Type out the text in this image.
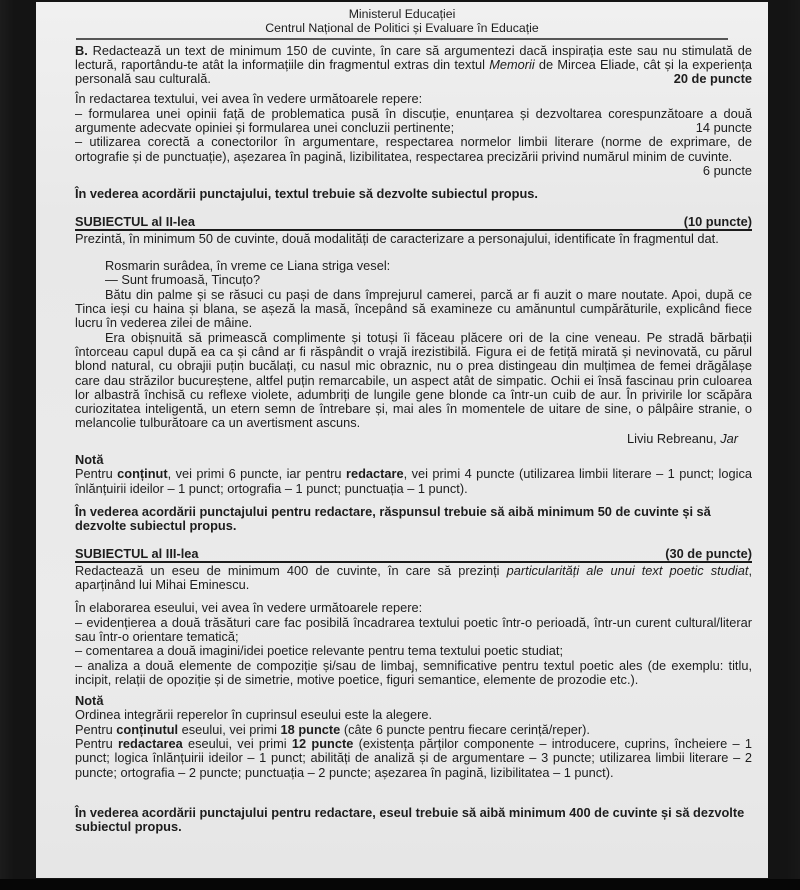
Ministerul Educației
Centrul Național de Politici și Evaluare în Educație

B. Redactează un text de minimum 150 de cuvinte, în care să argumentezi dacă inspirația este sau nu stimulată de lectură, raportându-te atât la informațiile din fragmentul extras din textul Memorii de Mircea Eliade, cât și la experiența personală sau culturală.	20 de puncte

În redactarea textului, vei avea în vedere următoarele repere:

– formularea unei opinii față de problematica pusă în discuție, enunțarea și dezvoltarea corespunzătoare a două argumente adecvate opiniei și formularea unei concluzii pertinente;	14 puncte

– utilizarea corectă a conectorilor în argumentare, respectarea normelor limbii literare (norme de exprimare, de ortografie și de punctuație), așezarea în pagină, lizibilitatea, respectarea precizării privind numărul minim de cuvinte.

6 puncte

În vederea acordării punctajului, textul trebuie să dezvolte subiectul propus.

SUBIECTUL al II-lea	(10 puncte)

Prezintă, în minimum 50 de cuvinte, două modalități de caracterizare a personajului, identificate în fragmentul dat.

Rosmarin surâdea, în vreme ce Liana striga vesel:

— Sunt frumoasă, Tincuțo?

Bătu din palme și se răsuci cu pași de dans împrejurul camerei, parcă ar fi auzit o mare noutate. Apoi, după ce Tinca ieși cu haina și blana, se așeză la masă, începând să examineze cu amănuntul cumpărăturile, explicând fiece lucru în vederea zilei de mâine.

Era obișnuită să primească complimente și totuși îi făceau plăcere ori de la cine veneau. Pe stradă bărbații întorceau capul după ea ca și când ar fi răspândit o vrajă irezistibilă. Figura ei de fetiță mirată și nevinovată, cu părul blond natural, cu obrajii puțin bucălați, cu nasul mic obraznic, nu o prea distingeau din mulțimea de femei drăgălașe care dau străzilor bucureștene, altfel puțin remarcabile, un aspect atât de simpatic. Ochii ei însă fascinau prin culoarea lor albastră închisă cu reflexe violete, adumbriți de lungile gene blonde ca într-un cuib de aur. În privirile lor scăpăra curiozitatea inteligentă, un etern semn de întrebare și, mai ales în momentele de uitare de sine, o pâlpâire stranie, o melancolie tulburătoare ca un avertisment ascuns.

Liviu Rebreanu, Jar

Notă

Pentru conținut, vei primi 6 puncte, iar pentru redactare, vei primi 4 puncte (utilizarea limbii literare – 1 punct; logica înlănțuirii ideilor – 1 punct; ortografia – 1 punct; punctuația – 1 punct).

În vederea acordării punctajului pentru redactare, răspunsul trebuie să aibă minimum 50 de cuvinte și să dezvolte subiectul propus.

SUBIECTUL al III-lea	(30 de puncte)

Redactează un eseu de minimum 400 de cuvinte, în care să prezinți particularități ale unui text poetic studiat, aparținând lui Mihai Eminescu.

În elaborarea eseului, vei avea în vedere următoarele repere:

– evidențierea a două trăsături care fac posibilă încadrarea textului poetic într-o perioadă, într-un curent cultural/literar sau într-o orientare tematică;

– comentarea a două imagini/idei poetice relevante pentru tema textului poetic studiat;

– analiza a două elemente de compoziție și/sau de limbaj, semnificative pentru textul poetic ales (de exemplu: titlu, incipit, relații de opoziție și de simetrie, motive poetice, figuri semantice, elemente de prozodie etc.).

Notă

Ordinea integrării reperelor în cuprinsul eseului este la alegere.

Pentru conținutul eseului, vei primi 18 puncte (câte 6 puncte pentru fiecare cerință/reper).

Pentru redactarea eseului, vei primi 12 puncte (existența părților componente – introducere, cuprins, încheiere – 1 punct; logica înlănțuirii ideilor – 1 punct; abilități de analiză și de argumentare – 3 puncte; utilizarea limbii literare – 2 puncte; ortografia – 2 puncte; punctuația – 2 puncte; așezarea în pagină, lizibilitatea – 1 punct).

În vederea acordării punctajului pentru redactare, eseul trebuie să aibă minimum 400 de cuvinte și să dezvolte subiectul propus.
